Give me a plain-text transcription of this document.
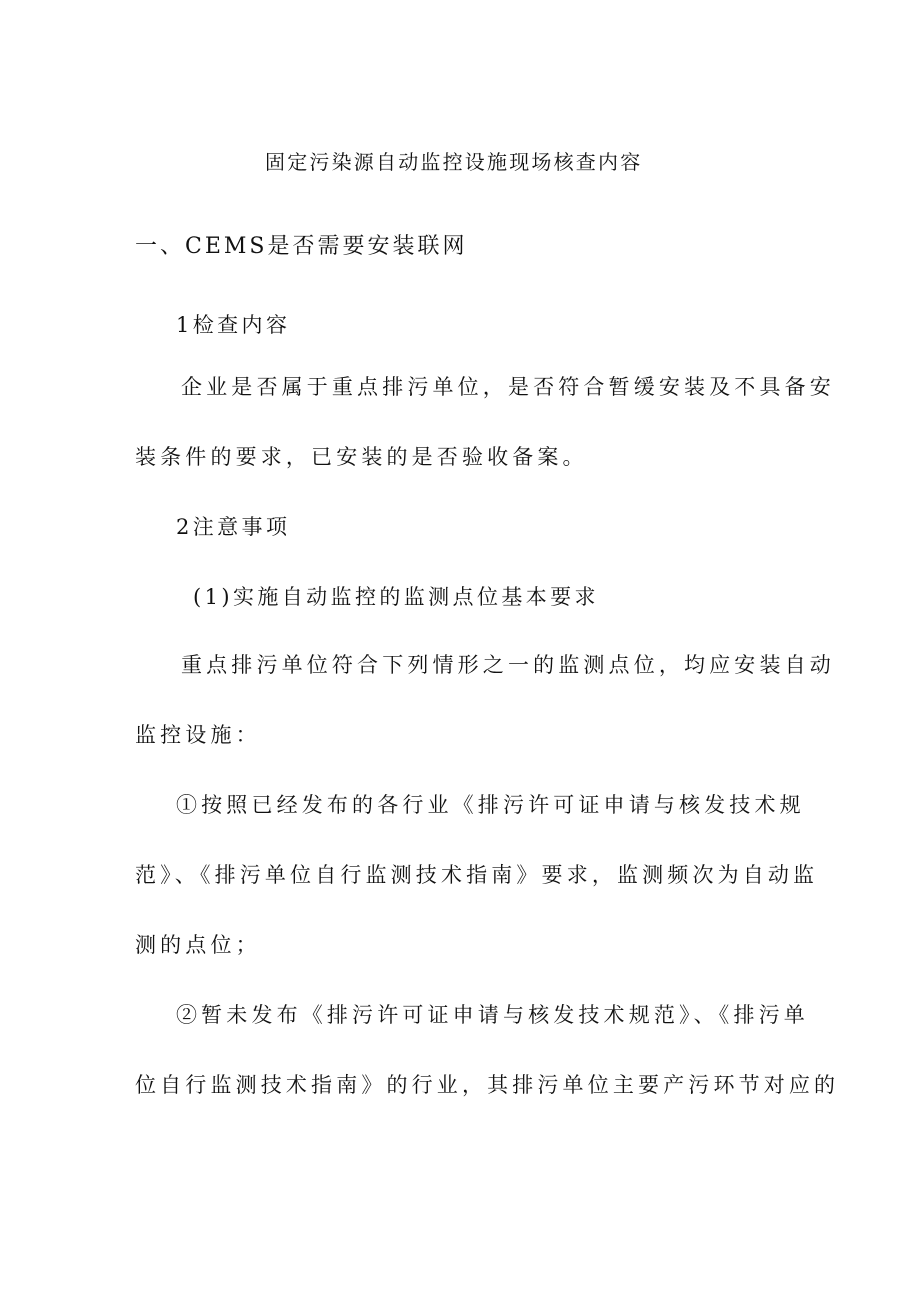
固定污染源自动监控设施现场核查内容
一、CEMS是否需要安装联网
1检查内容
企业是否属于重点排污单位，是否符合暂缓安装及不具备安
装条件的要求，已安装的是否验收备案。
2注意事项
(1)实施自动监控的监测点位基本要求
重点排污单位符合下列情形之一的监测点位，均应安装自动
监控设施：
①按照已经发布的各行业《排污许可证申请与核发技术规
范》、《排污单位自行监测技术指南》要求，监测频次为自动监
测的点位；
②暂未发布《排污许可证申请与核发技术规范》、《排污单
位自行监测技术指南》的行业，其排污单位主要产污环节对应的
